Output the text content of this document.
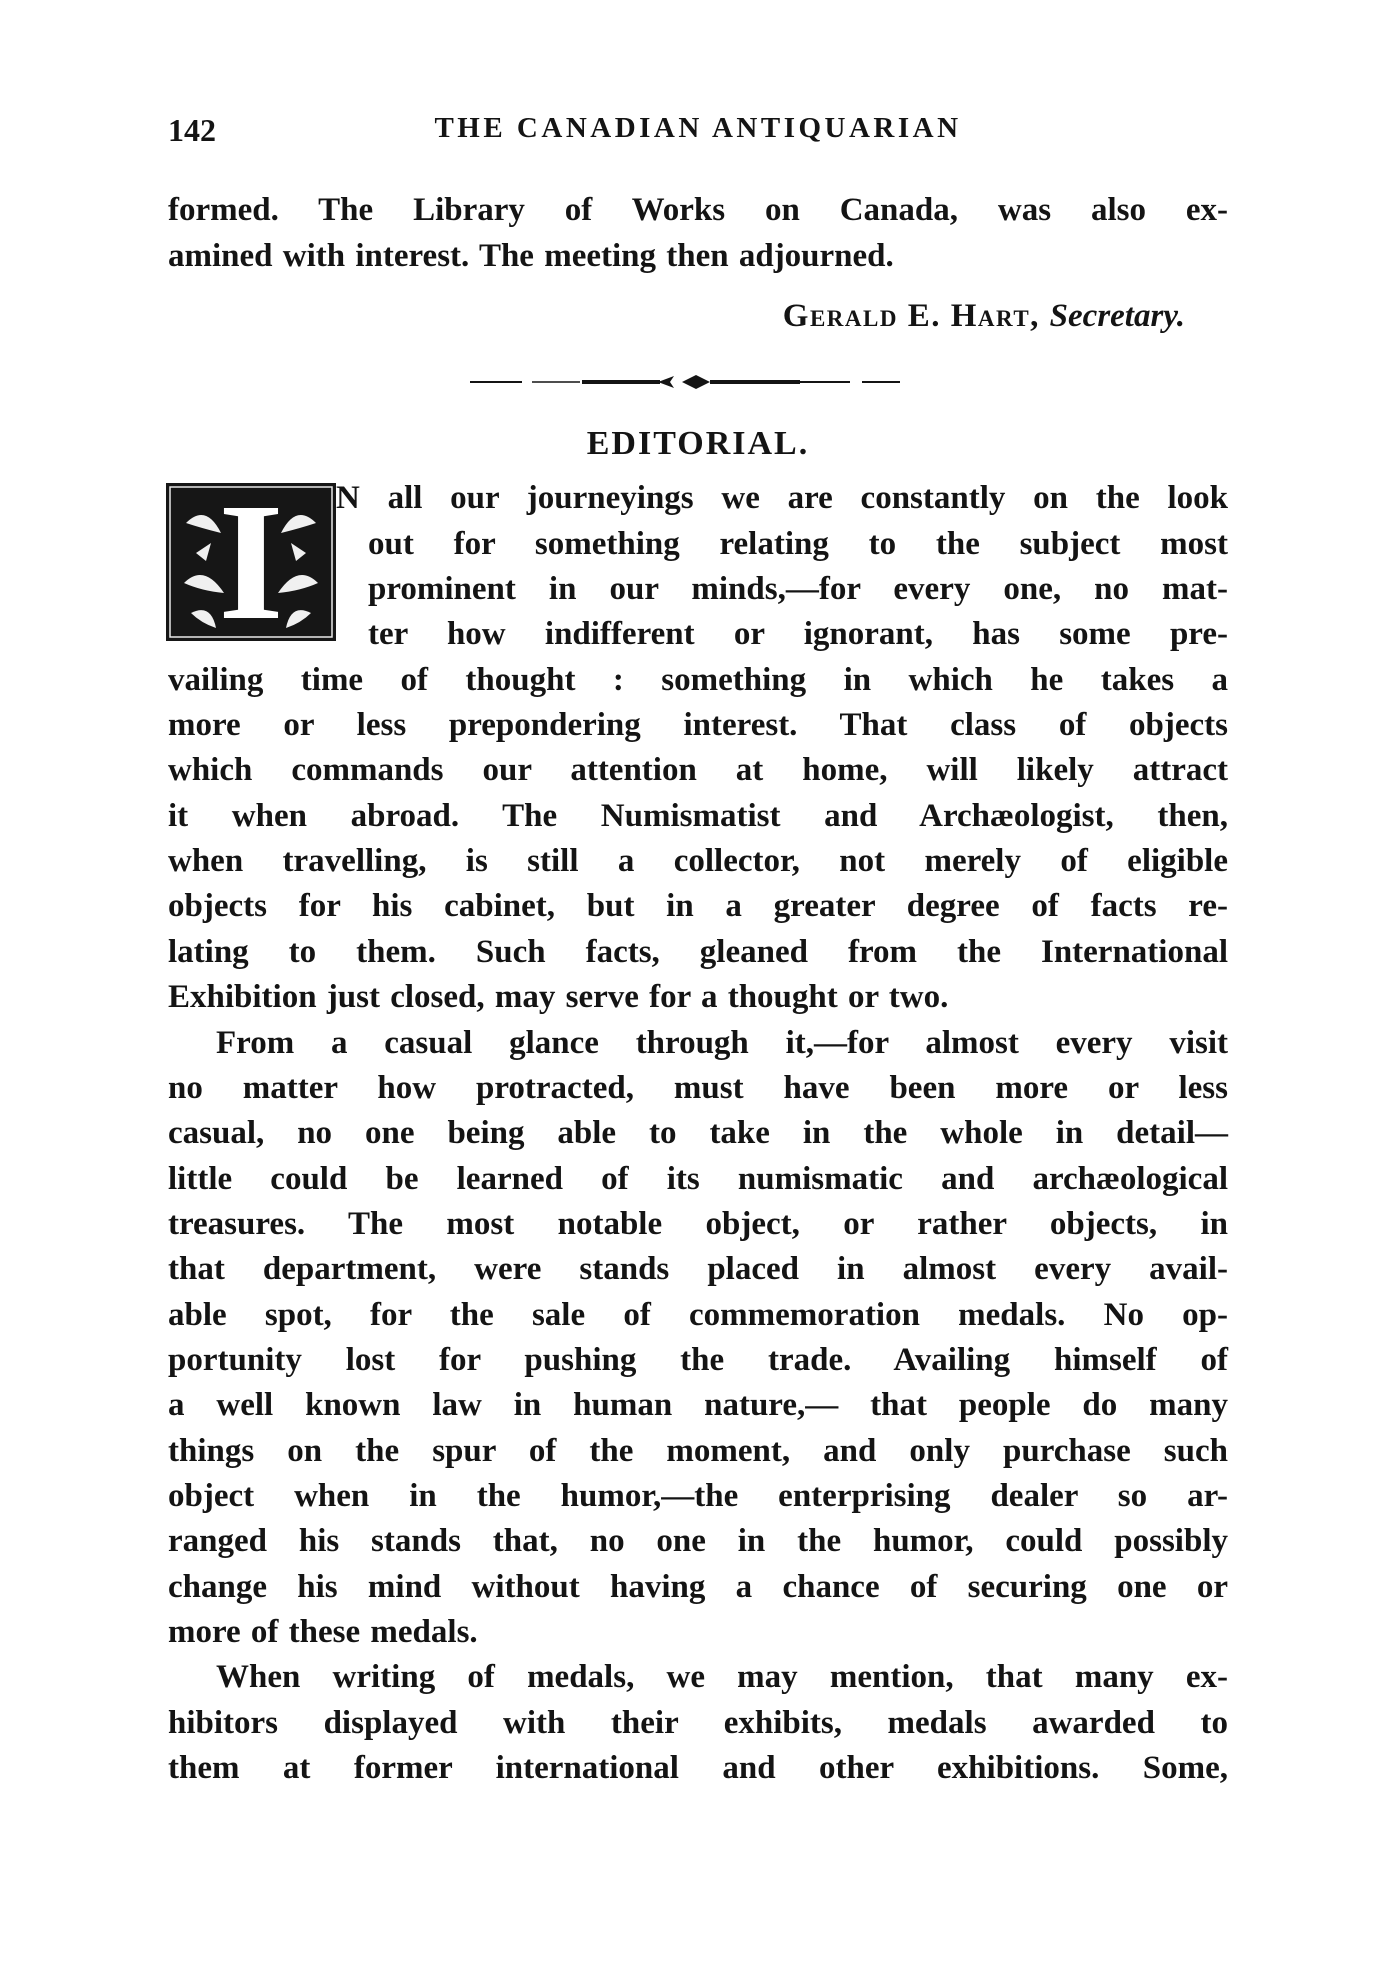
142	THE CANADIAN ANTIQUARIAN
formed. The Library of Works on Canada, was also ex-
amined with interest. The meeting then adjourned.
Gerald E. Hart, Secretary.
EDITORIAL.
I	N all our journeyings we are constantly on the look
out for something relating to the subject most
prominent in our minds,—for every one, no mat-
ter how indifferent or ignorant, has some pre-
vailing time of thought : something in which he takes a
more or less prepondering interest. That class of objects
which commands our attention at home, will likely attract
it when abroad. The Numismatist and Archæologist, then,
when travelling, is still a collector, not merely of eligible
objects for his cabinet, but in a greater degree of facts re-
lating to them. Such facts, gleaned from the International
Exhibition just closed, may serve for a thought or two.
From a casual glance through it,—for almost every visit
no matter how protracted, must have been more or less
casual, no one being able to take in the whole in detail—
little could be learned of its numismatic and archæological
treasures. The most notable object, or rather objects, in
that department, were stands placed in almost every avail-
able spot, for the sale of commemoration medals. No op-
portunity lost for pushing the trade. Availing himself of
a well known law in human nature,— that people do many
things on the spur of the moment, and only purchase such
object when in the humor,—the enterprising dealer so ar-
ranged his stands that, no one in the humor, could possibly
change his mind without having a chance of securing one or
more of these medals.
When writing of medals, we may mention, that many ex-
hibitors displayed with their exhibits, medals awarded to
them at former international and other exhibitions. Some,
